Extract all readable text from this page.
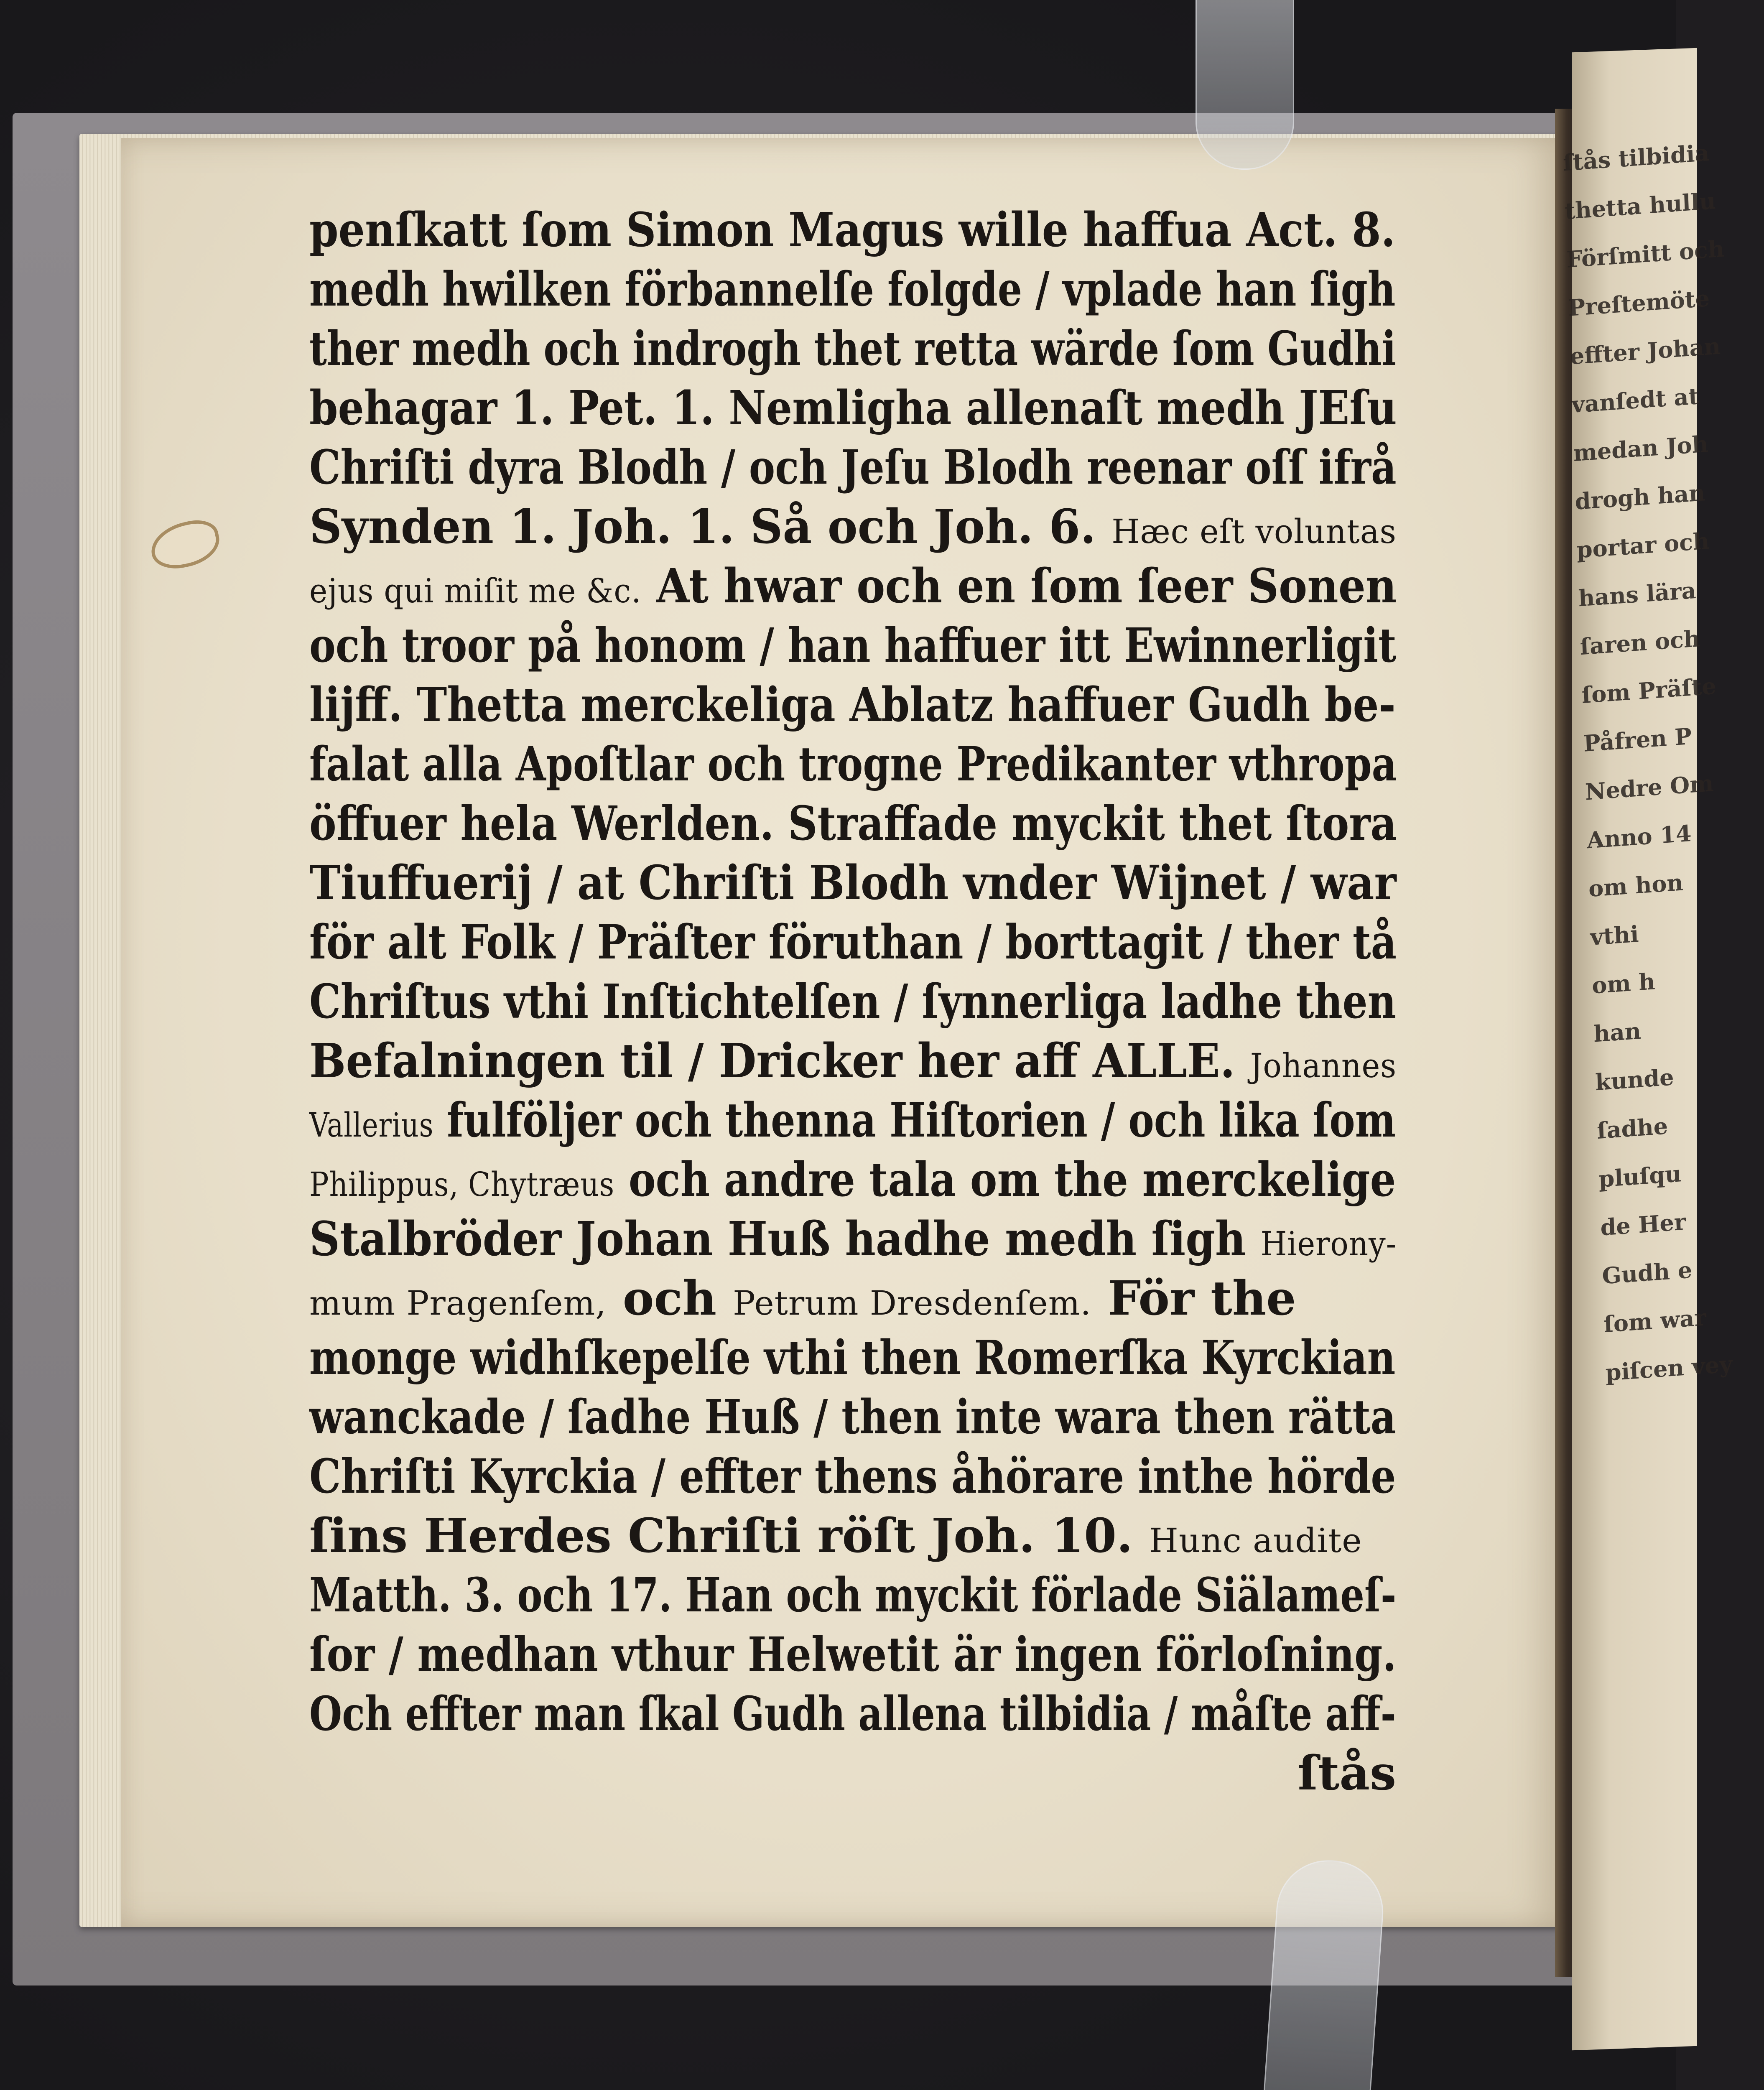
penſkatt ſom Simon Magus wille haffua Act. 8.
medh hwilken förbannelſe folgde / vplade han ſigh
ther medh och indrogh thet retta wärde ſom Gudhi
behagar 1. Pet. 1. Nemligha allenaſt medh JEſu
Chriſti dyra Blodh / och Jeſu Blodh reenar oſſ ifrå
Synden 1. Joh. 1. Så och Joh. 6. Hæc eſt voluntas
ejus qui miſit me &c. At hwar och en ſom ſeer Sonen
och troor på honom / han haffuer itt Ewinnerligit
lijff. Thetta merckeliga Ablatz haffuer Gudh be-
falat alla Apoſtlar och trogne Predikanter vthropa
öffuer hela Werlden. Straffade myckit thet ſtora
Tiuffuerij / at Chriſti Blodh vnder Wijnet / war
för alt Folk / Präſter föruthan / borttagit / ther tå
Chriſtus vthi Inſtichtelſen / ſynnerliga ladhe then
Befalningen til / Dricker her aff ALLE. Johannes
Vallerius fulföljer och thenna Hiſtorien / och lika ſom
Philippus, Chytræus och andre tala om the merckelige
Stalbröder Johan Huß hadhe medh ſigh Hierony-
mum Pragenſem, och Petrum Dresdenſem. För the
monge widhſkepelſe vthi then Romerſka Kyrckian
wanckade / ſadhe Huß / then inte wara then rätta
Chriſti Kyrckia / effter thens åhörare inthe hörde
ſins Herdes Chriſti röſt Joh. 10. Hunc audite
Matth. 3. och 17. Han och myckit förlade Siälameſ-
ſor / medhan vthur Helwetit är ingen förloſning.
Och effter man ſkal Gudh allena tilbidia / måſte aff-
ſtås
ſtås tilbidia
thetta hullu
Förſmitt och
Preſtemöte
effter Johan
vanſedt at
medan Joh
drogh han
portar och
hans lära
ſaren och
ſom Präſte
Påfren P
Nedre Om
Anno 14
om hon
vthi
om h
han
kunde
ſadhe
pluſqu
de Her
Gudh e
ſom war
piſcen vey
